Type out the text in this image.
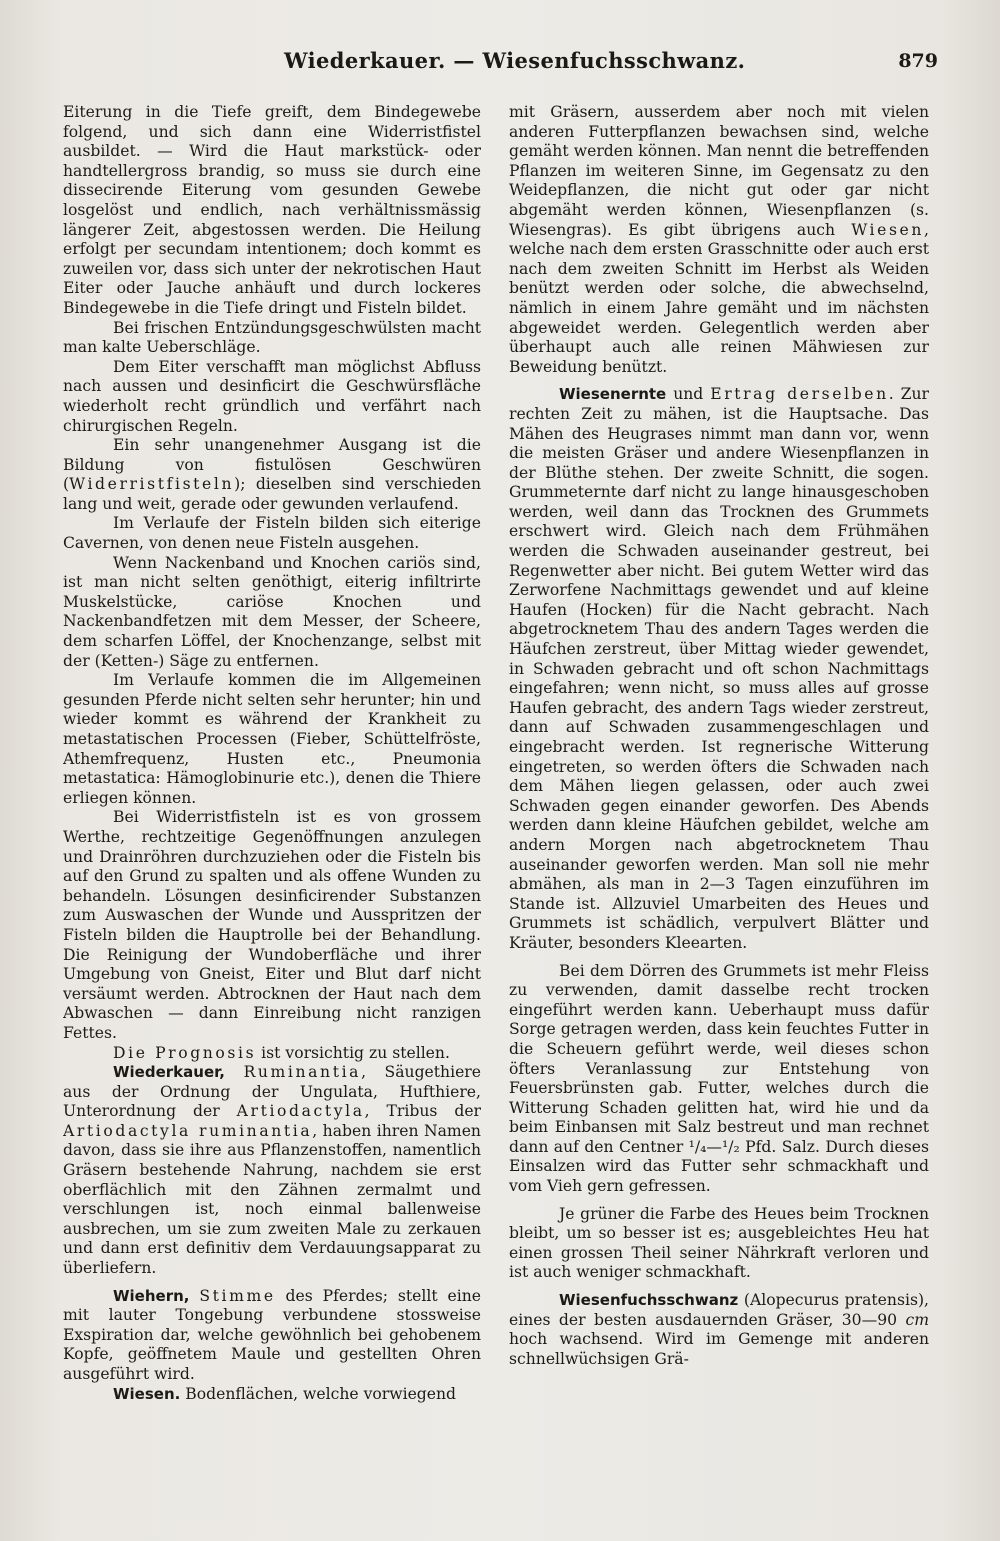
Wiederkauer. — Wiesenfuchsschwanz.	879

Eiterung in die Tiefe greift, dem Bindegewebe folgend, und sich dann eine Widerristfistel ausbildet. — Wird die Haut markstück- oder handtellergross brandig, so muss sie durch eine dissecirende Eiterung vom gesunden Gewebe losgelöst und endlich, nach verhältnissmässig längerer Zeit, abgestossen werden. Die Heilung erfolgt per secundam intentionem; doch kommt es zuweilen vor, dass sich unter der nekrotischen Haut Eiter oder Jauche anhäuft und durch lockeres Bindegewebe in die Tiefe dringt und Fisteln bildet.

Bei frischen Entzündungsgeschwülsten macht man kalte Ueberschläge.

Dem Eiter verschafft man möglichst Abfluss nach aussen und desinficirt die Geschwürsfläche wiederholt recht gründlich und verfährt nach chirurgischen Regeln.

Ein sehr unangenehmer Ausgang ist die Bildung von fistulösen Geschwüren (Widerristfisteln); dieselben sind verschieden lang und weit, gerade oder gewunden verlaufend.

Im Verlaufe der Fisteln bilden sich eiterige Cavernen, von denen neue Fisteln ausgehen.

Wenn Nackenband und Knochen cariös sind, ist man nicht selten genöthigt, eiterig infiltrirte Muskelstücke, cariöse Knochen und Nackenbandfetzen mit dem Messer, der Scheere, dem scharfen Löffel, der Knochenzange, selbst mit der (Ketten-) Säge zu entfernen.

Im Verlaufe kommen die im Allgemeinen gesunden Pferde nicht selten sehr herunter; hin und wieder kommt es während der Krankheit zu metastatischen Processen (Fieber, Schüttelfröste, Athemfrequenz, Husten etc., Pneumonia metastatica: Hämoglobinurie etc.), denen die Thiere erliegen können.

Bei Widerristfisteln ist es von grossem Werthe, rechtzeitige Gegenöffnungen anzulegen und Drainröhren durchzuziehen oder die Fisteln bis auf den Grund zu spalten und als offene Wunden zu behandeln. Lösungen desinficirender Substanzen zum Auswaschen der Wunde und Ausspritzen der Fisteln bilden die Hauptrolle bei der Behandlung. Die Reinigung der Wundoberfläche und ihrer Umgebung von Gneist, Eiter und Blut darf nicht versäumt werden. Abtrocknen der Haut nach dem Abwaschen — dann Einreibung nicht ranzigen Fettes.

Die Prognosis ist vorsichtig zu stellen.

Wiederkauer, Ruminantia, Säugethiere aus der Ordnung der Ungulata, Hufthiere, Unterordnung der Artiodactyla, Tribus der Artiodactyla ruminantia, haben ihren Namen davon, dass sie ihre aus Pflanzenstoffen, namentlich Gräsern bestehende Nahrung, nachdem sie erst oberflächlich mit den Zähnen zermalmt und verschlungen ist, noch einmal ballenweise ausbrechen, um sie zum zweiten Male zu zerkauen und dann erst definitiv dem Verdauungsapparat zu überliefern.

Wiehern, Stimme des Pferdes; stellt eine mit lauter Tongebung verbundene stossweise Exspiration dar, welche gewöhnlich bei gehobenem Kopfe, geöffnetem Maule und gestellten Ohren ausgeführt wird.

Wiesen. Bodenflächen, welche vorwiegend

mit Gräsern, ausserdem aber noch mit vielen anderen Futterpflanzen bewachsen sind, welche gemäht werden können. Man nennt die betreffenden Pflanzen im weiteren Sinne, im Gegensatz zu den Weidepflanzen, die nicht gut oder gar nicht abgemäht werden können, Wiesenpflanzen (s. Wiesengras). Es gibt übrigens auch Wiesen, welche nach dem ersten Grasschnitte oder auch erst nach dem zweiten Schnitt im Herbst als Weiden benützt werden oder solche, die abwechselnd, nämlich in einem Jahre gemäht und im nächsten abgeweidet werden. Gelegentlich werden aber überhaupt auch alle reinen Mähwiesen zur Beweidung benützt.

Wiesenernte und Ertrag derselben. Zur rechten Zeit zu mähen, ist die Hauptsache. Das Mähen des Heugrases nimmt man dann vor, wenn die meisten Gräser und andere Wiesenpflanzen in der Blüthe stehen. Der zweite Schnitt, die sogen. Grummeternte darf nicht zu lange hinausgeschoben werden, weil dann das Trocknen des Grummets erschwert wird. Gleich nach dem Frühmähen werden die Schwaden auseinander gestreut, bei Regenwetter aber nicht. Bei gutem Wetter wird das Zerworfene Nachmittags gewendet und auf kleine Haufen (Hocken) für die Nacht gebracht. Nach abgetrocknetem Thau des andern Tages werden die Häufchen zerstreut, über Mittag wieder gewendet, in Schwaden gebracht und oft schon Nachmittags eingefahren; wenn nicht, so muss alles auf grosse Haufen gebracht, des andern Tags wieder zerstreut, dann auf Schwaden zusammengeschlagen und eingebracht werden. Ist regnerische Witterung eingetreten, so werden öfters die Schwaden nach dem Mähen liegen gelassen, oder auch zwei Schwaden gegen einander geworfen. Des Abends werden dann kleine Häufchen gebildet, welche am andern Morgen nach abgetrocknetem Thau auseinander geworfen werden. Man soll nie mehr abmähen, als man in 2—3 Tagen einzuführen im Stande ist. Allzuviel Umarbeiten des Heues und Grummets ist schädlich, verpulvert Blätter und Kräuter, besonders Kleearten.

Bei dem Dörren des Grummets ist mehr Fleiss zu verwenden, damit dasselbe recht trocken eingeführt werden kann. Ueberhaupt muss dafür Sorge getragen werden, dass kein feuchtes Futter in die Scheuern geführt werde, weil dieses schon öfters Veranlassung zur Entstehung von Feuersbrünsten gab. Futter, welches durch die Witterung Schaden gelitten hat, wird hie und da beim Einbansen mit Salz bestreut und man rechnet dann auf den Centner ¹/₄—¹/₂ Pfd. Salz. Durch dieses Einsalzen wird das Futter sehr schmackhaft und vom Vieh gern gefressen.

Je grüner die Farbe des Heues beim Trocknen bleibt, um so besser ist es; ausgebleichtes Heu hat einen grossen Theil seiner Nährkraft verloren und ist auch weniger schmackhaft.

Wiesenfuchsschwanz (Alopecurus pratensis), eines der besten ausdauernden Gräser, 30—90 cm hoch wachsend. Wird im Gemenge mit anderen schnellwüchsigen Grä-
